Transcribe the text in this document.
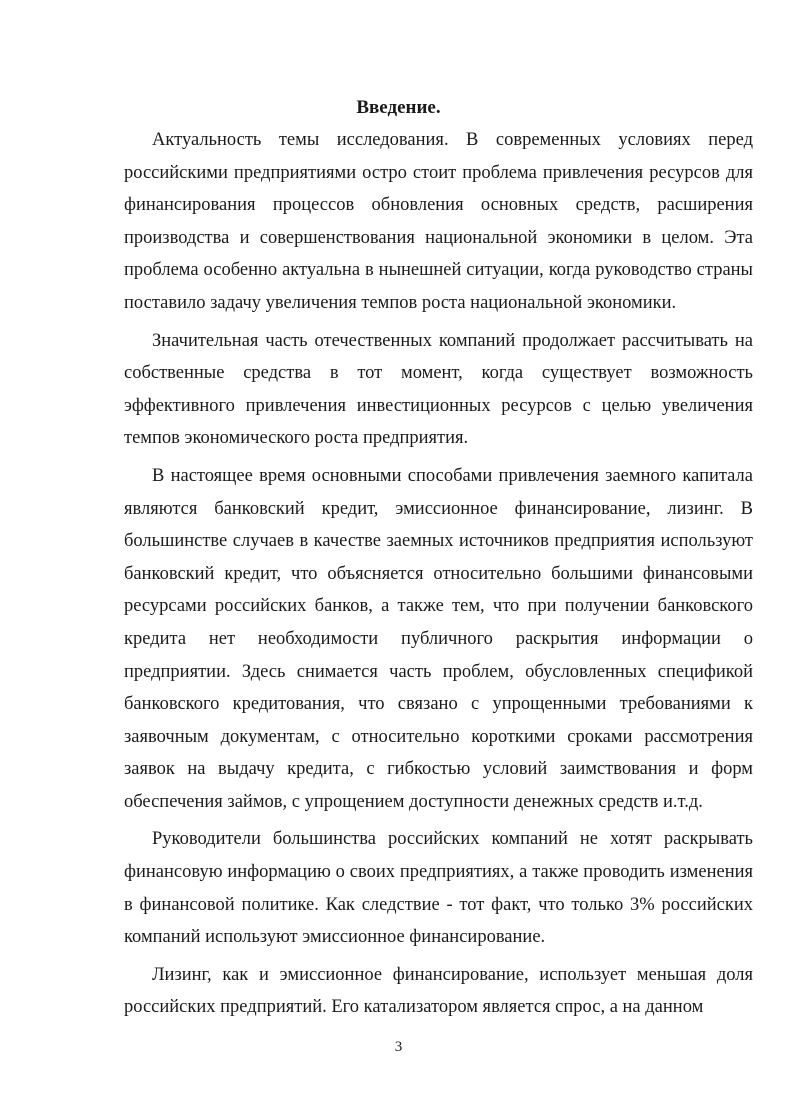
Введение.

Актуальность темы исследования. В современных условиях перед российскими предприятиями остро стоит проблема привлечения ресурсов для финансирования процессов обновления основных средств, расширения производства и совершенствования национальной экономики в целом. Эта проблема особенно актуальна в нынешней ситуации, когда руководство страны поставило задачу увеличения темпов роста национальной экономики.

Значительная часть отечественных компаний продолжает рассчитывать на собственные средства в тот момент, когда существует возможность эффективного привлечения инвестиционных ресурсов с целью увеличения темпов экономического роста предприятия.

В настоящее время основными способами привлечения заемного капитала являются банковский кредит, эмиссионное финансирование, лизинг. В большинстве случаев в качестве заемных источников предприятия используют банковский кредит, что объясняется относительно большими финансовыми ресурсами российских банков, а также тем, что при получении банковского кредита нет необходимости публичного раскрытия информации о предприятии. Здесь снимается часть проблем, обусловленных спецификой банковского кредитования, что связано с упрощенными требованиями к заявочным документам, с относительно короткими сроками рассмотрения заявок на выдачу кредита, с гибкостью условий заимствования и форм обеспечения займов, с упрощением доступности денежных средств и.т.д.

Руководители большинства российских компаний не хотят раскрывать финансовую информацию о своих предприятиях, а также проводить изменения в финансовой политике. Как следствие - тот факт, что только 3% российских компаний используют эмиссионное финансирование.

Лизинг, как и эмиссионное финансирование, использует меньшая доля российских предприятий. Его катализатором является спрос, а на данном

3
